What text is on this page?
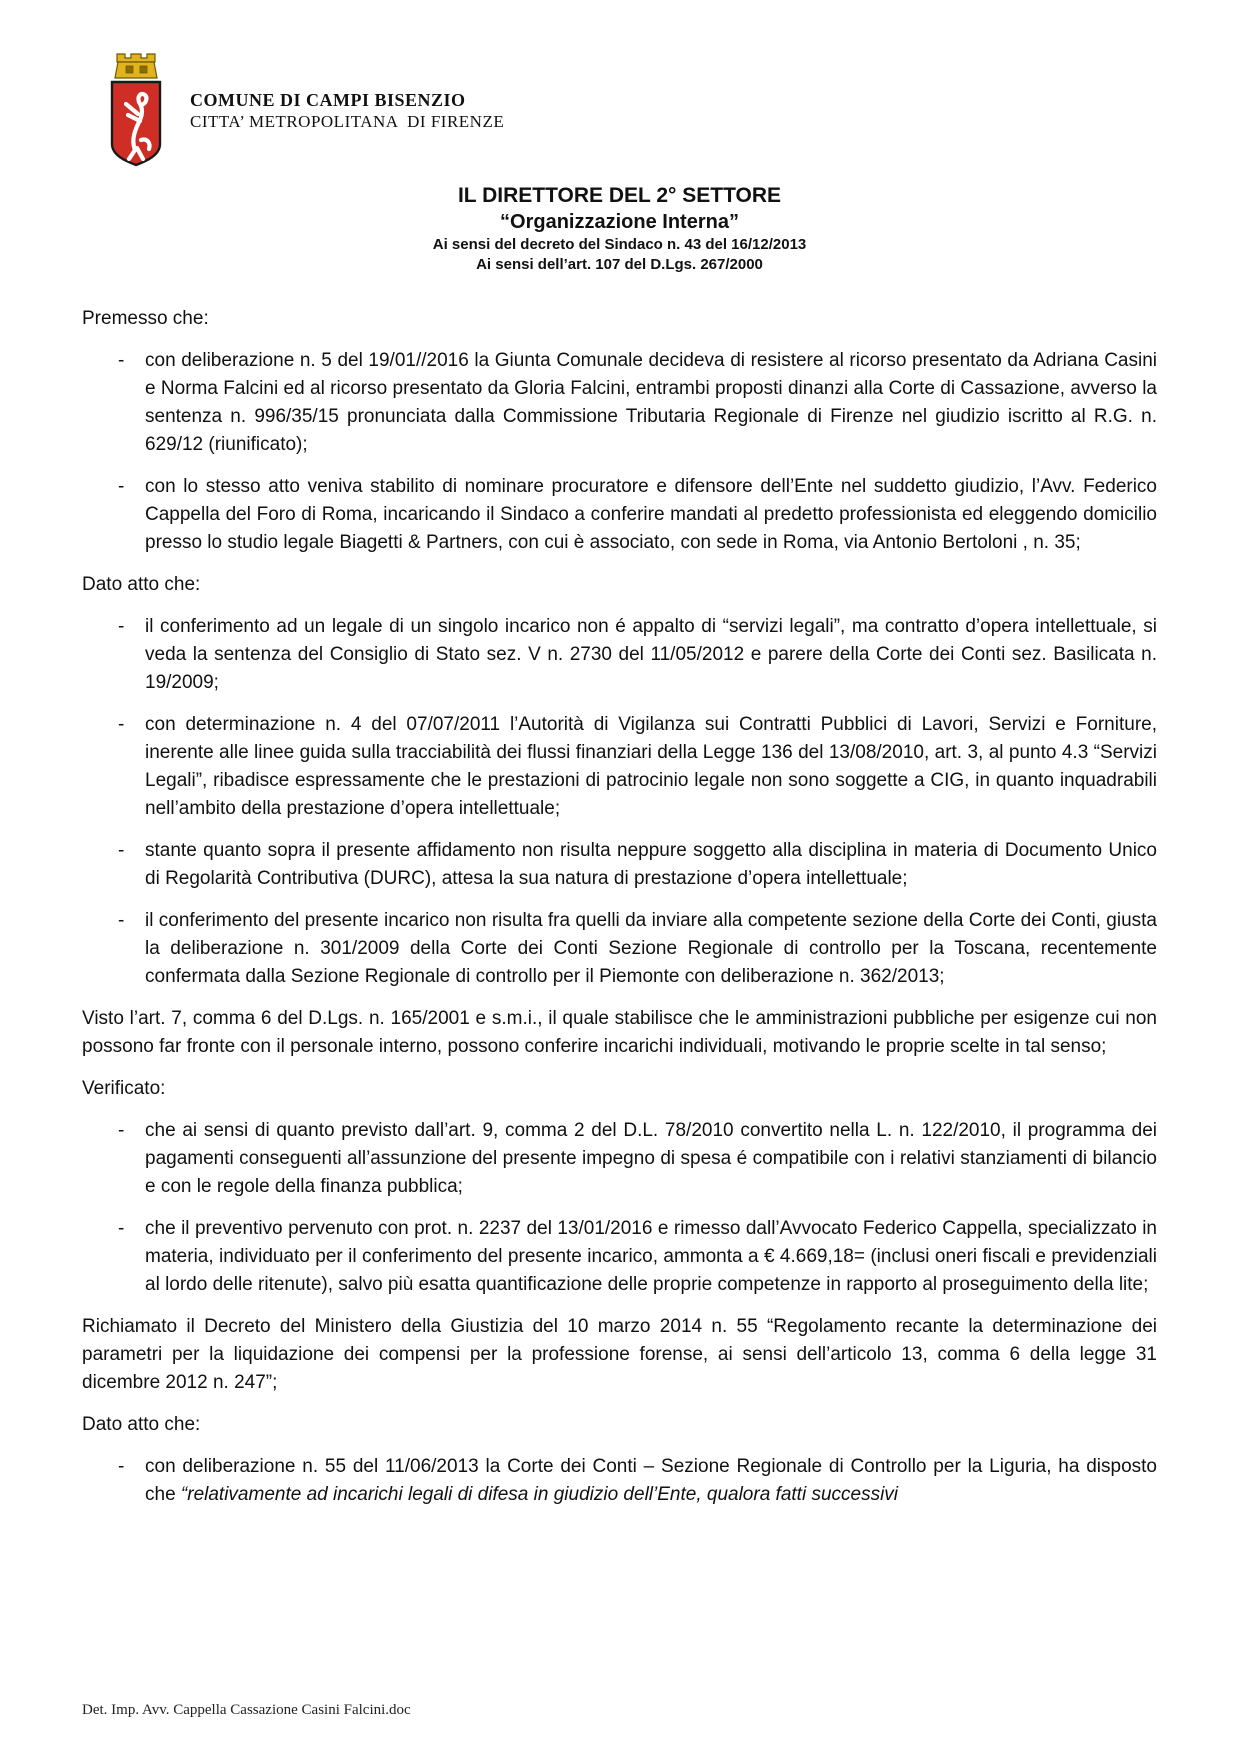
COMUNE DI CAMPI BISENZIO
CITTA’ METROPOLITANA  DI FIRENZE
IL DIRETTORE DEL 2° SETTORE
“Organizzazione Interna”
Ai sensi del decreto del Sindaco n. 43 del 16/12/2013
Ai sensi dell’art. 107 del D.Lgs. 267/2000

Premesso che:

-	con deliberazione n. 5 del 19/01//2016 la Giunta Comunale decideva di resistere al ricorso presentato da Adriana Casini e Norma Falcini ed al ricorso presentato da Gloria Falcini, entrambi proposti dinanzi alla Corte di Cassazione, avverso la sentenza n. 996/35/15 pronunciata dalla Commissione Tributaria Regionale di Firenze nel giudizio iscritto al R.G. n. 629/12 (riunificato);
-	con lo stesso atto veniva stabilito di nominare procuratore e difensore dell’Ente nel suddetto giudizio, l’Avv. Federico Cappella del Foro di Roma, incaricando il Sindaco a conferire mandati al predetto professionista ed eleggendo domicilio presso lo studio legale Biagetti & Partners, con cui è associato, con sede in Roma, via Antonio Bertoloni , n. 35;

Dato atto che:

-	il conferimento ad un legale di un singolo incarico non é appalto di “servizi legali”, ma contratto d’opera intellettuale, si veda la sentenza del Consiglio di Stato sez. V n. 2730 del 11/05/2012 e parere della Corte dei Conti sez. Basilicata n. 19/2009;
-	con determinazione n. 4 del 07/07/2011 l’Autorità di Vigilanza sui Contratti Pubblici di Lavori, Servizi e Forniture, inerente alle linee guida sulla tracciabilità dei flussi finanziari della Legge 136 del 13/08/2010, art. 3, al punto 4.3 “Servizi Legali”, ribadisce espressamente che le prestazioni di patrocinio legale non sono soggette a CIG, in quanto inquadrabili nell’ambito della prestazione d’opera intellettuale;
-	stante quanto sopra il presente affidamento non risulta neppure soggetto alla disciplina in materia di Documento Unico di Regolarità Contributiva (DURC), attesa la sua natura di prestazione d’opera intellettuale;
-	il conferimento del presente incarico non risulta fra quelli da inviare alla competente sezione della Corte dei Conti, giusta la deliberazione n. 301/2009 della Corte dei Conti Sezione Regionale di controllo per la Toscana, recentemente confermata dalla Sezione Regionale di controllo per il Piemonte con deliberazione n. 362/2013;

Visto l’art. 7, comma 6 del D.Lgs. n. 165/2001 e s.m.i., il quale stabilisce che le amministrazioni pubbliche per esigenze cui non possono far fronte con il personale interno, possono conferire incarichi individuali, motivando le proprie scelte in tal senso;

Verificato:

-	che ai sensi di quanto previsto dall’art. 9, comma 2 del D.L. 78/2010 convertito nella L. n. 122/2010, il programma dei pagamenti conseguenti all’assunzione del presente impegno di spesa é compatibile con i relativi stanziamenti di bilancio e con le regole della finanza pubblica;
-	che il preventivo pervenuto con prot. n. 2237 del 13/01/2016 e rimesso dall’Avvocato Federico Cappella, specializzato in materia, individuato per il conferimento del presente incarico, ammonta a € 4.669,18= (inclusi oneri fiscali e previdenziali al lordo delle ritenute), salvo più esatta quantificazione delle proprie competenze in rapporto al proseguimento della lite;

Richiamato il Decreto del Ministero della Giustizia del 10 marzo 2014 n. 55 “Regolamento recante la determinazione dei parametri per la liquidazione dei compensi per la professione forense, ai sensi dell’articolo 13, comma 6 della legge 31 dicembre 2012 n. 247”;

Dato atto che:

-	con deliberazione n. 55 del 11/06/2013 la Corte dei Conti – Sezione Regionale di Controllo per la Liguria, ha disposto che “relativamente ad incarichi legali di difesa in giudizio dell’Ente, qualora fatti successivi
Det. Imp. Avv. Cappella Cassazione Casini Falcini.doc
